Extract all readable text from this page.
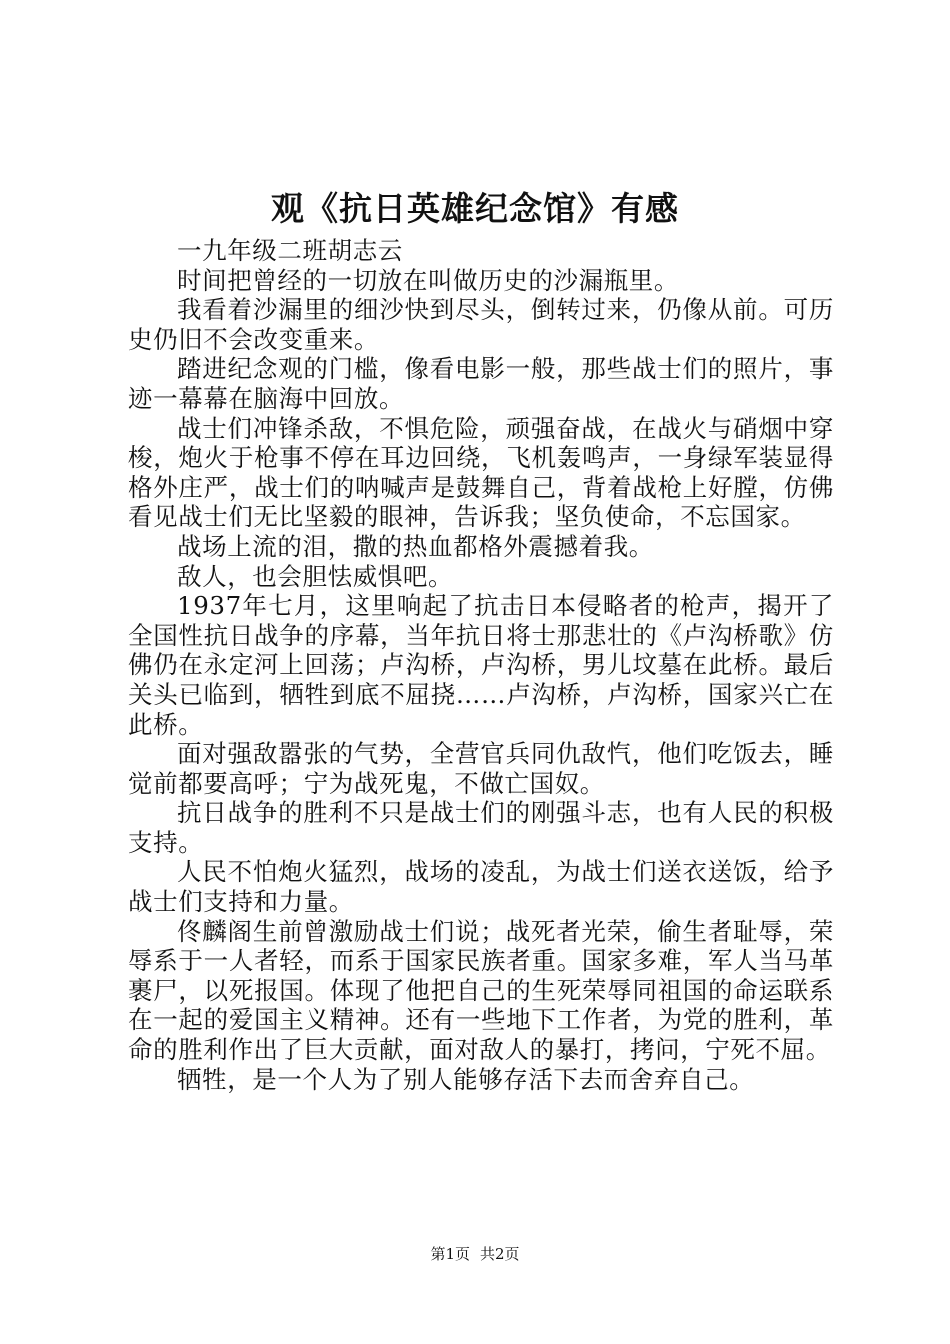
观《抗日英雄纪念馆》有感

一九年级二班胡志云

时间把曾经的一切放在叫做历史的沙漏瓶里。

我看着沙漏里的细沙快到尽头，倒转过来，仍像从前。可历史仍旧不会改变重来。

踏进纪念观的门槛，像看电影一般，那些战士们的照片，事迹一幕幕在脑海中回放。

战士们冲锋杀敌，不惧危险，顽强奋战，在战火与硝烟中穿梭，炮火于枪事不停在耳边回绕，飞机轰鸣声，一身绿军装显得格外庄严，战士们的呐喊声是鼓舞自己，背着战枪上好膛，仿佛看见战士们无比坚毅的眼神，告诉我；坚负使命，不忘国家。

战场上流的泪，撒的热血都格外震撼着我。

敌人，也会胆怯威惧吧。

1937年七月，这里响起了抗击日本侵略者的枪声，揭开了全国性抗日战争的序幕，当年抗日将士那悲壮的《卢沟桥歌》仿佛仍在永定河上回荡；卢沟桥，卢沟桥，男儿坟墓在此桥。最后关头已临到，牺牲到底不屈挠……卢沟桥，卢沟桥，国家兴亡在此桥。

面对强敌嚣张的气势，全营官兵同仇敌忾，他们吃饭去，睡觉前都要高呼；宁为战死鬼，不做亡国奴。

抗日战争的胜利不只是战士们的刚强斗志，也有人民的积极支持。

人民不怕炮火猛烈，战场的凌乱，为战士们送衣送饭，给予战士们支持和力量。

佟麟阁生前曾激励战士们说；战死者光荣，偷生者耻辱，荣辱系于一人者轻，而系于国家民族者重。国家多难，军人当马革裹尸，以死报国。体现了他把自己的生死荣辱同祖国的命运联系在一起的爱国主义精神。还有一些地下工作者，为党的胜利，革命的胜利作出了巨大贡献，面对敌人的暴打，拷问，宁死不屈。

牺牲，是一个人为了别人能够存活下去而舍弃自己。

第1页 共2页
